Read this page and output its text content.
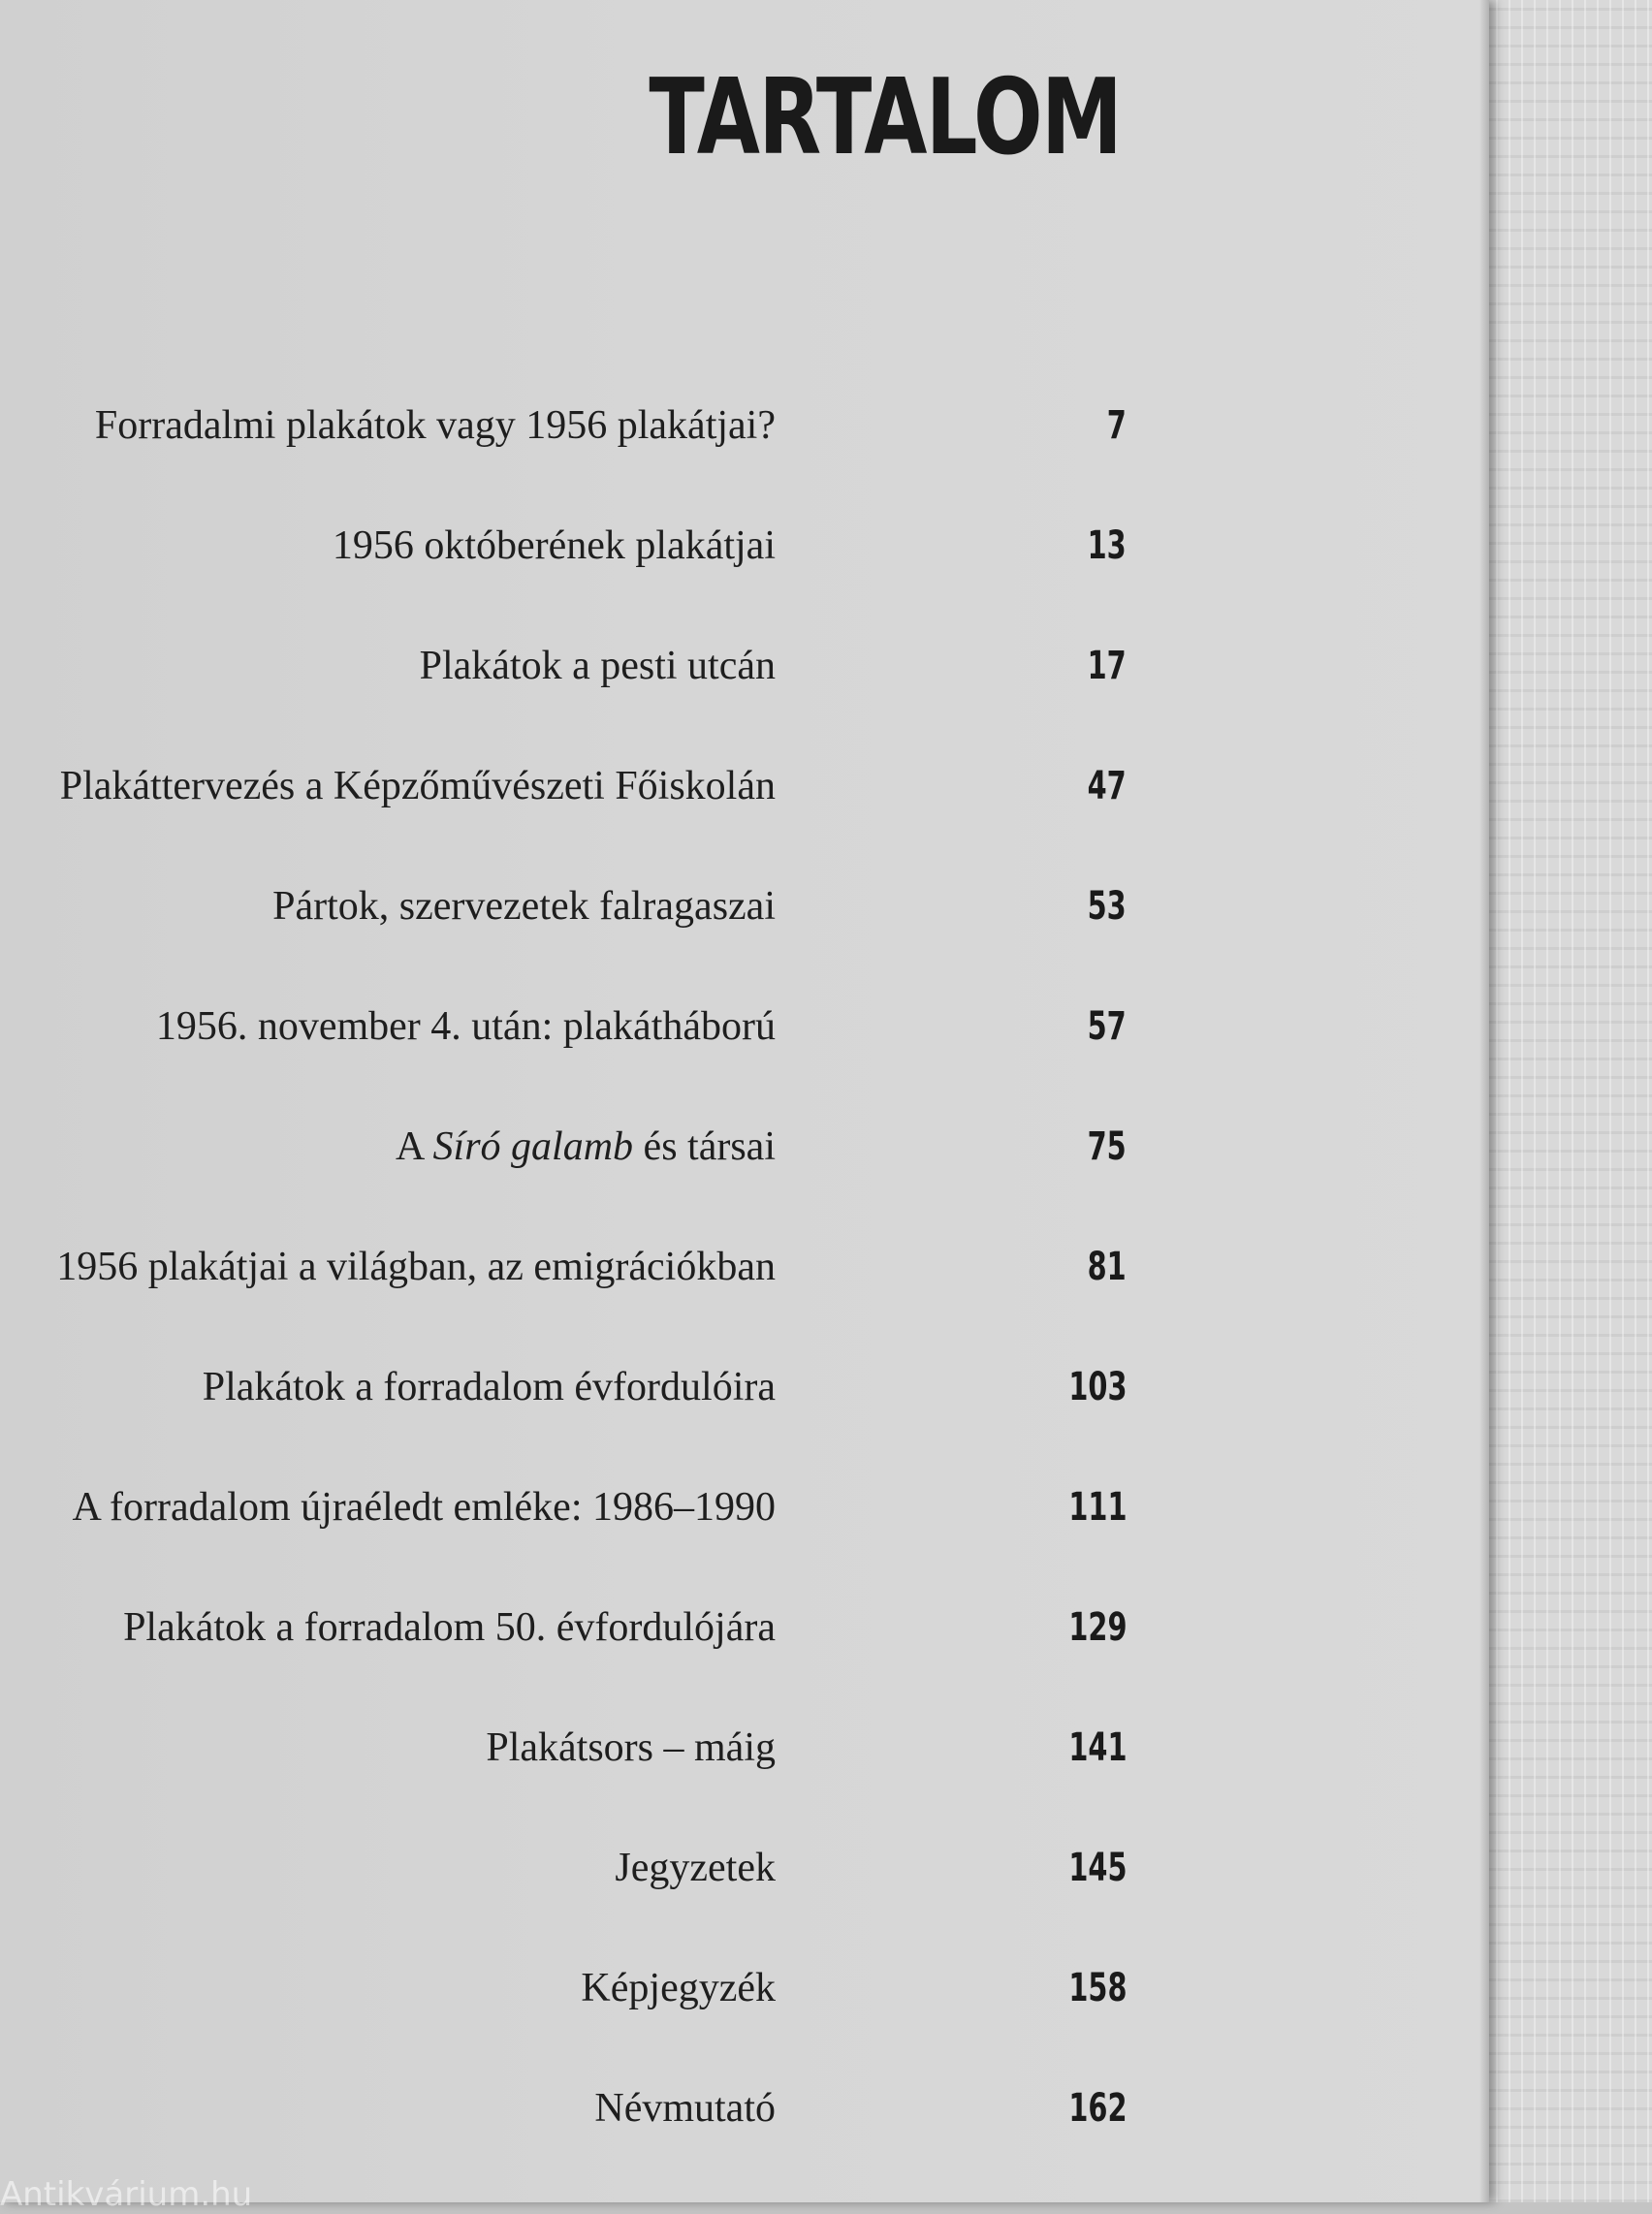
TARTALOM
Forradalmi plakátok vagy 1956 plakátjai?	7
1956 októberének plakátjai	13
Plakátok a pesti utcán	17
Plakáttervezés a Képzőművészeti Főiskolán	47
Pártok, szervezetek falragaszai	53
1956. november 4. után: plakátháború	57
A Síró galamb és társai	75
1956 plakátjai a világban, az emigrációkban	81
Plakátok a forradalom évfordulóira	103
A forradalom újraéledt emléke: 1986–1990	111
Plakátok a forradalom 50. évfordulójára	129
Plakátsors – máig	141
Jegyzetek	145
Képjegyzék	158
Névmutató	162
Antikvárium.hu
